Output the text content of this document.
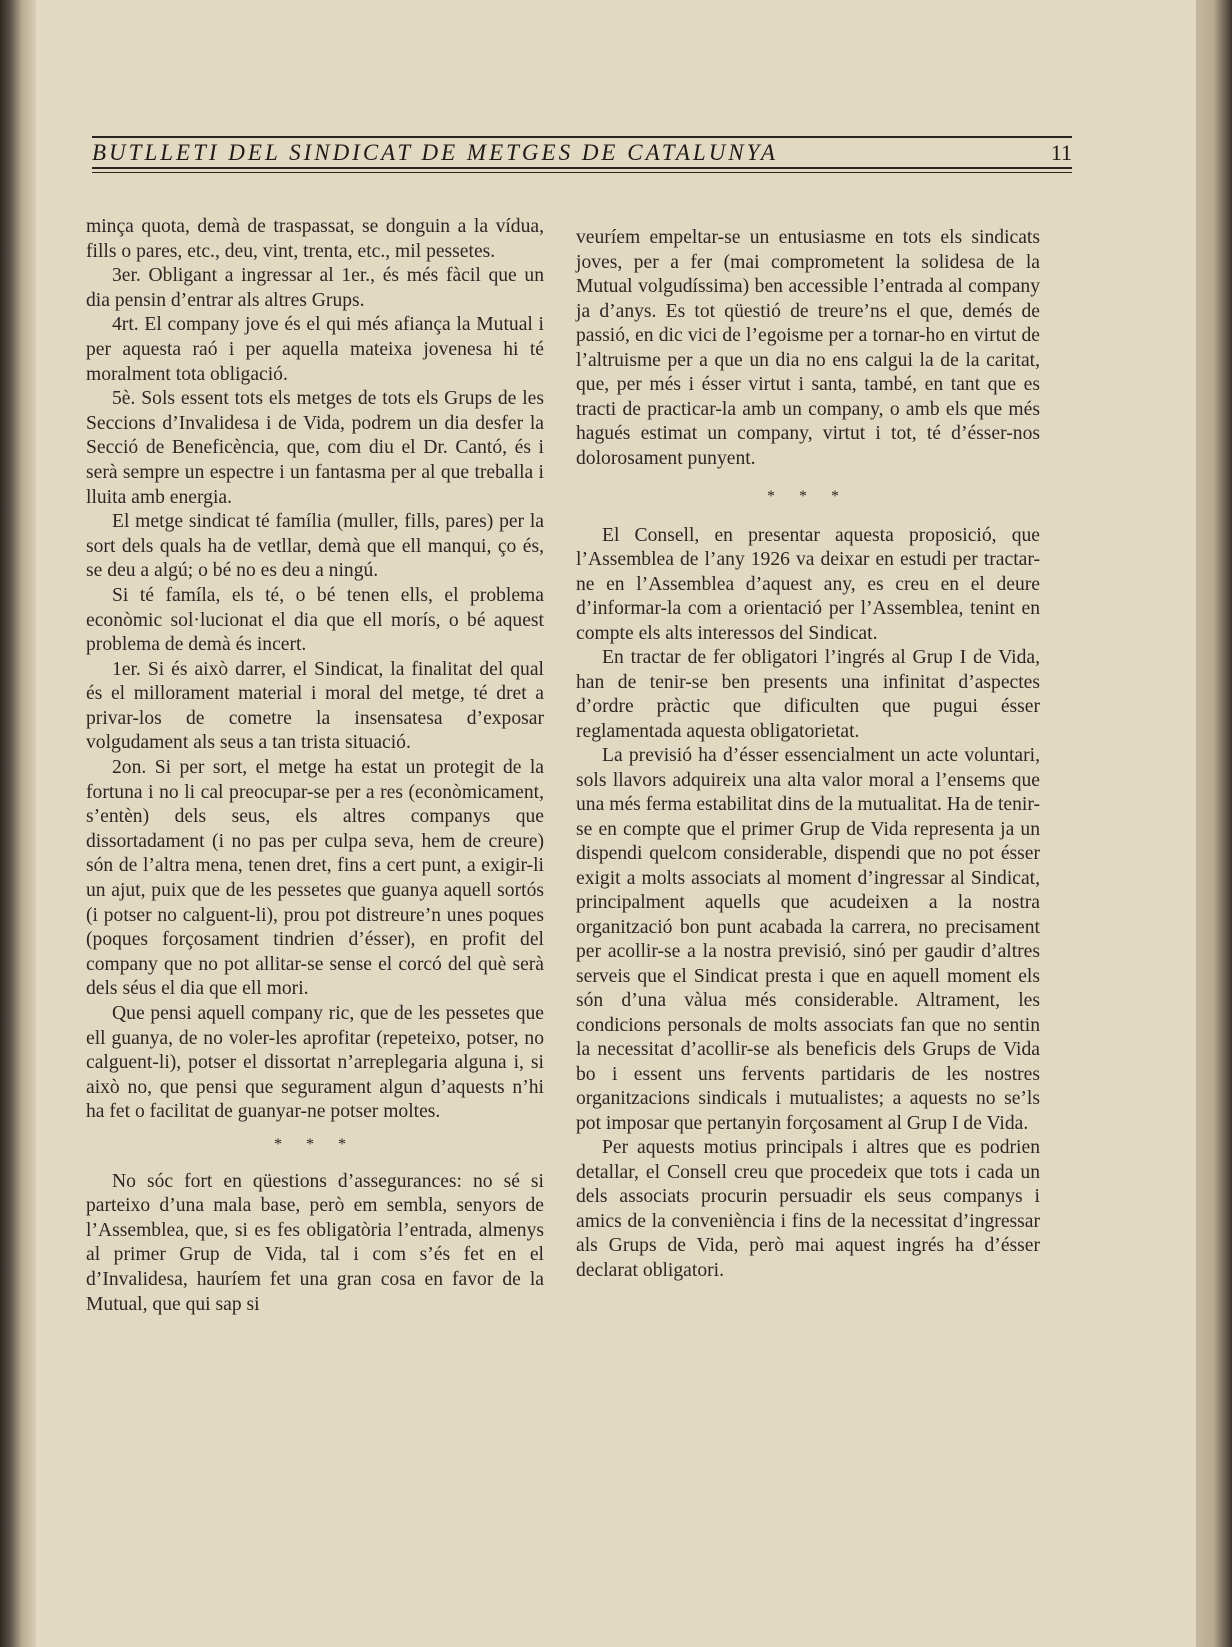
BUTLLETI DEL SINDICAT DE METGES DE CATALUNYA	11

minça quota, demà de traspassat, se donguin a la vídua, fills o pares, etc., deu, vint, trenta, etc., mil pessetes.

3er. Obligant a ingressar al 1er., és més fàcil que un dia pensin d’entrar als altres Grups.

4rt. El company jove és el qui més afiança la Mutual i per aquesta raó i per aquella mateixa jovenesa hi té moralment tota obligació.

5è. Sols essent tots els metges de tots els Grups de les Seccions d’Invalidesa i de Vida, podrem un dia desfer la Secció de Beneficència, que, com diu el Dr. Cantó, és i serà sempre un espectre i un fantasma per al que treballa i lluita amb energia.

El metge sindicat té família (muller, fills, pares) per la sort dels quals ha de vetllar, demà que ell manqui, ço és, se deu a algú; o bé no es deu a ningú.

Si té famíla, els té, o bé tenen ells, el problema econòmic sol·lucionat el dia que ell morís, o bé aquest problema de demà és incert.

1er. Si és això darrer, el Sindicat, la finalitat del qual és el millorament material i moral del metge, té dret a privar-los de cometre la insensatesa d’exposar volgudament als seus a tan trista situació.

2on. Si per sort, el metge ha estat un protegit de la fortuna i no li cal preocupar-se per a res (econòmicament, s’entèn) dels seus, els altres companys que dissortadament (i no pas per culpa seva, hem de creure) són de l’altra mena, tenen dret, fins a cert punt, a exigir-li un ajut, puix que de les pessetes que guanya aquell sortós (i potser no calguent-li), prou pot distreure’n unes poques (poques forçosament tindrien d’ésser), en profit del company que no pot allitar-se sense el corcó del què serà dels séus el dia que ell mori.

Que pensi aquell company ric, que de les pessetes que ell guanya, de no voler-les aprofitar (repeteixo, potser, no calguent-li), potser el dissortat n’arreplegaria alguna i, si això no, que pensi que segurament algun d’aquests n’hi ha fet o facilitat de guanyar-ne potser moltes.

* * *

No sóc fort en qüestions d’assegurances: no sé si parteixo d’una mala base, però em sembla, senyors de l’Assemblea, que, si es fes obligatòria l’entrada, almenys al primer Grup de Vida, tal i com s’és fet en el d’Invalidesa, hauríem fet una gran cosa en favor de la Mutual, que qui sap si

veuríem empeltar-se un entusiasme en tots els sindicats joves, per a fer (mai comprometent la solidesa de la Mutual volgudíssima) ben accessible l’entrada al company ja d’anys. Es tot qüestió de treure’ns el que, demés de passió, en dic vici de l’egoisme per a tornar-ho en virtut de l’altruisme per a que un dia no ens calgui la de la caritat, que, per més i ésser virtut i santa, també, en tant que es tracti de practicar-la amb un company, o amb els que més hagués estimat un company, virtut i tot, té d’ésser-nos dolorosament punyent.

* * *

El Consell, en presentar aquesta proposició, que l’Assemblea de l’any 1926 va deixar en estudi per tractar-ne en l’Assemblea d’aquest any, es creu en el deure d’informar-la com a orientació per l’Assemblea, tenint en compte els alts interessos del Sindicat.

En tractar de fer obligatori l’ingrés al Grup I de Vida, han de tenir-se ben presents una infinitat d’aspectes d’ordre pràctic que dificulten que pugui ésser reglamentada aquesta obligatorietat.

La previsió ha d’ésser essencialment un acte voluntari, sols llavors adquireix una alta valor moral a l’ensems que una més ferma estabilitat dins de la mutualitat. Ha de tenir-se en compte que el primer Grup de Vida representa ja un dispendi quelcom considerable, dispendi que no pot ésser exigit a molts associats al moment d’ingressar al Sindicat, principalment aquells que acudeixen a la nostra organització bon punt acabada la carrera, no precisament per acollir-se a la nostra previsió, sinó per gaudir d’altres serveis que el Sindicat presta i que en aquell moment els són d’una vàlua més considerable. Altrament, les condicions personals de molts associats fan que no sentin la necessitat d’acollir-se als beneficis dels Grups de Vida bo i essent uns fervents partidaris de les nostres organitzacions sindicals i mutualistes; a aquests no se’ls pot imposar que pertanyin forçosament al Grup I de Vida.

Per aquests motius principals i altres que es podrien detallar, el Consell creu que procedeix que tots i cada un dels associats procurin persuadir els seus companys i amics de la conveniència i fins de la necessitat d’ingressar als Grups de Vida, però mai aquest ingrés ha d’ésser declarat obligatori.
